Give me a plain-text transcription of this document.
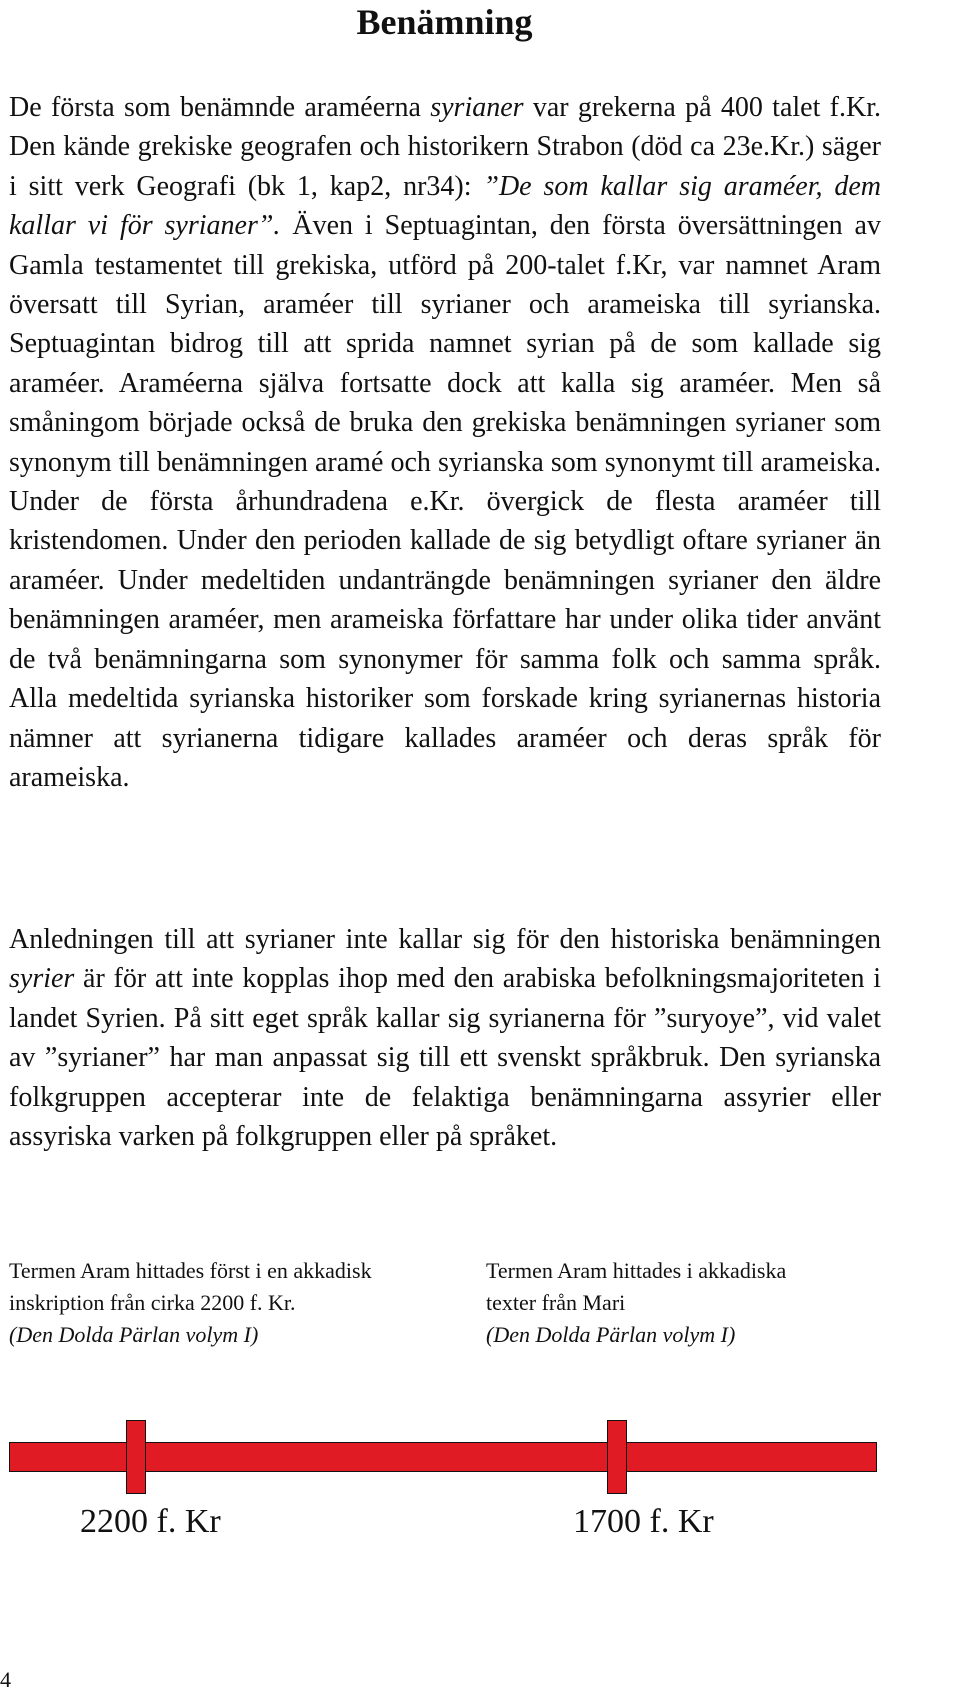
Benämning

De första som benämnde araméerna syrianer var grekerna på 400 talet f.Kr. Den kände grekiske geografen och historikern Strabon (död ca 23e.Kr.) säger i sitt verk Geografi (bk 1, kap2, nr34): ”De som kallar sig araméer, dem kallar vi för syrianer”. Även i Septuagintan, den första översättningen av Gamla testamentet till grekiska, utförd på 200-talet f.Kr, var namnet Aram översatt till Syrian, araméer till syrianer och arameiska till syrianska. Septuagintan bidrog till att sprida namnet syrian på de som kallade sig araméer. Araméerna själva fortsatte dock att kalla sig araméer. Men så småningom började också de bruka den grekiska benämningen syrianer som synonym till benämningen aramé och syrianska som synonymt till arameiska. Under de första århundradena e.Kr. övergick de flesta araméer till kristendomen. Under den perioden kallade de sig betydligt oftare syrianer än araméer. Under medeltiden undanträngde benämningen syrianer den äldre benämningen araméer, men arameiska författare har under olika tider använt de två benämningarna som synonymer för samma folk och samma språk. Alla medeltida syrianska historiker som forskade kring syrianernas historia nämner att syrianerna tidigare kallades araméer och deras språk för arameiska.

Anledningen till att syrianer inte kallar sig för den historiska benämningen syrier är för att inte kopplas ihop med den arabiska befolkningsmajoriteten i landet Syrien. På sitt eget språk kallar sig syrianerna för ”suryoye”, vid valet av ”syrianer” har man anpassat sig till ett svenskt språkbruk. Den syrianska folkgruppen accepterar inte de felaktiga benämningarna assyrier eller assyriska varken på folkgruppen eller på språket.

Termen Aram hittades först i en akkadisk
inskription från cirka 2200 f. Kr.
(Den Dolda Pärlan volym I)
Termen Aram hittades i akkadiska
texter från Mari
(Den Dolda Pärlan volym I)
2200 f. Kr	1700 f. Kr
4
